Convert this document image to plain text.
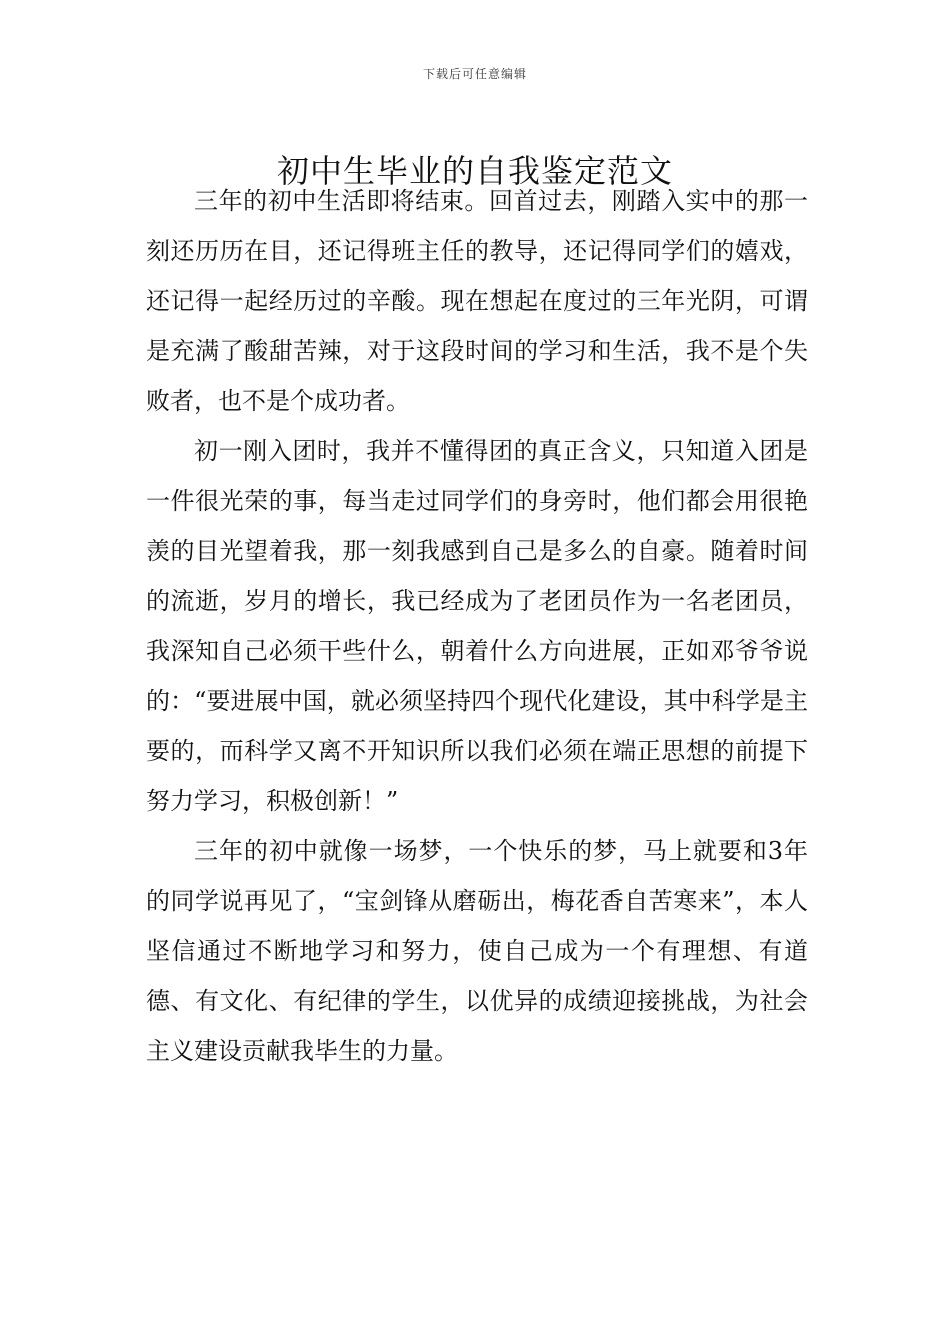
下载后可任意编辑
初中生毕业的自我鉴定范文

三年的初中生活即将结束。回首过去，刚踏入实中的那一刻还历历在目，还记得班主任的教导，还记得同学们的嬉戏，还记得一起经历过的辛酸。现在想起在度过的三年光阴，可谓是充满了酸甜苦辣，对于这段时间的学习和生活，我不是个失败者，也不是个成功者。

初一刚入团时，我并不懂得团的真正含义，只知道入团是一件很光荣的事，每当走过同学们的身旁时，他们都会用很艳羡的目光望着我，那一刻我感到自己是多么的自豪。随着时间的流逝，岁月的增长，我已经成为了老团员作为一名老团员，我深知自己必须干些什么，朝着什么方向进展，正如邓爷爷说的：“要进展中国，就必须坚持四个现代化建设，其中科学是主要的，而科学又离不开知识所以我们必须在端正思想的前提下努力学习，积极创新！”

三年的初中就像一场梦，一个快乐的梦，马上就要和3年的同学说再见了，“宝剑锋从磨砺出，梅花香自苦寒来”，本人坚信通过不断地学习和努力，使自己成为一个有理想、有道德、有文化、有纪律的学生，以优异的成绩迎接挑战，为社会主义建设贡献我毕生的力量。
